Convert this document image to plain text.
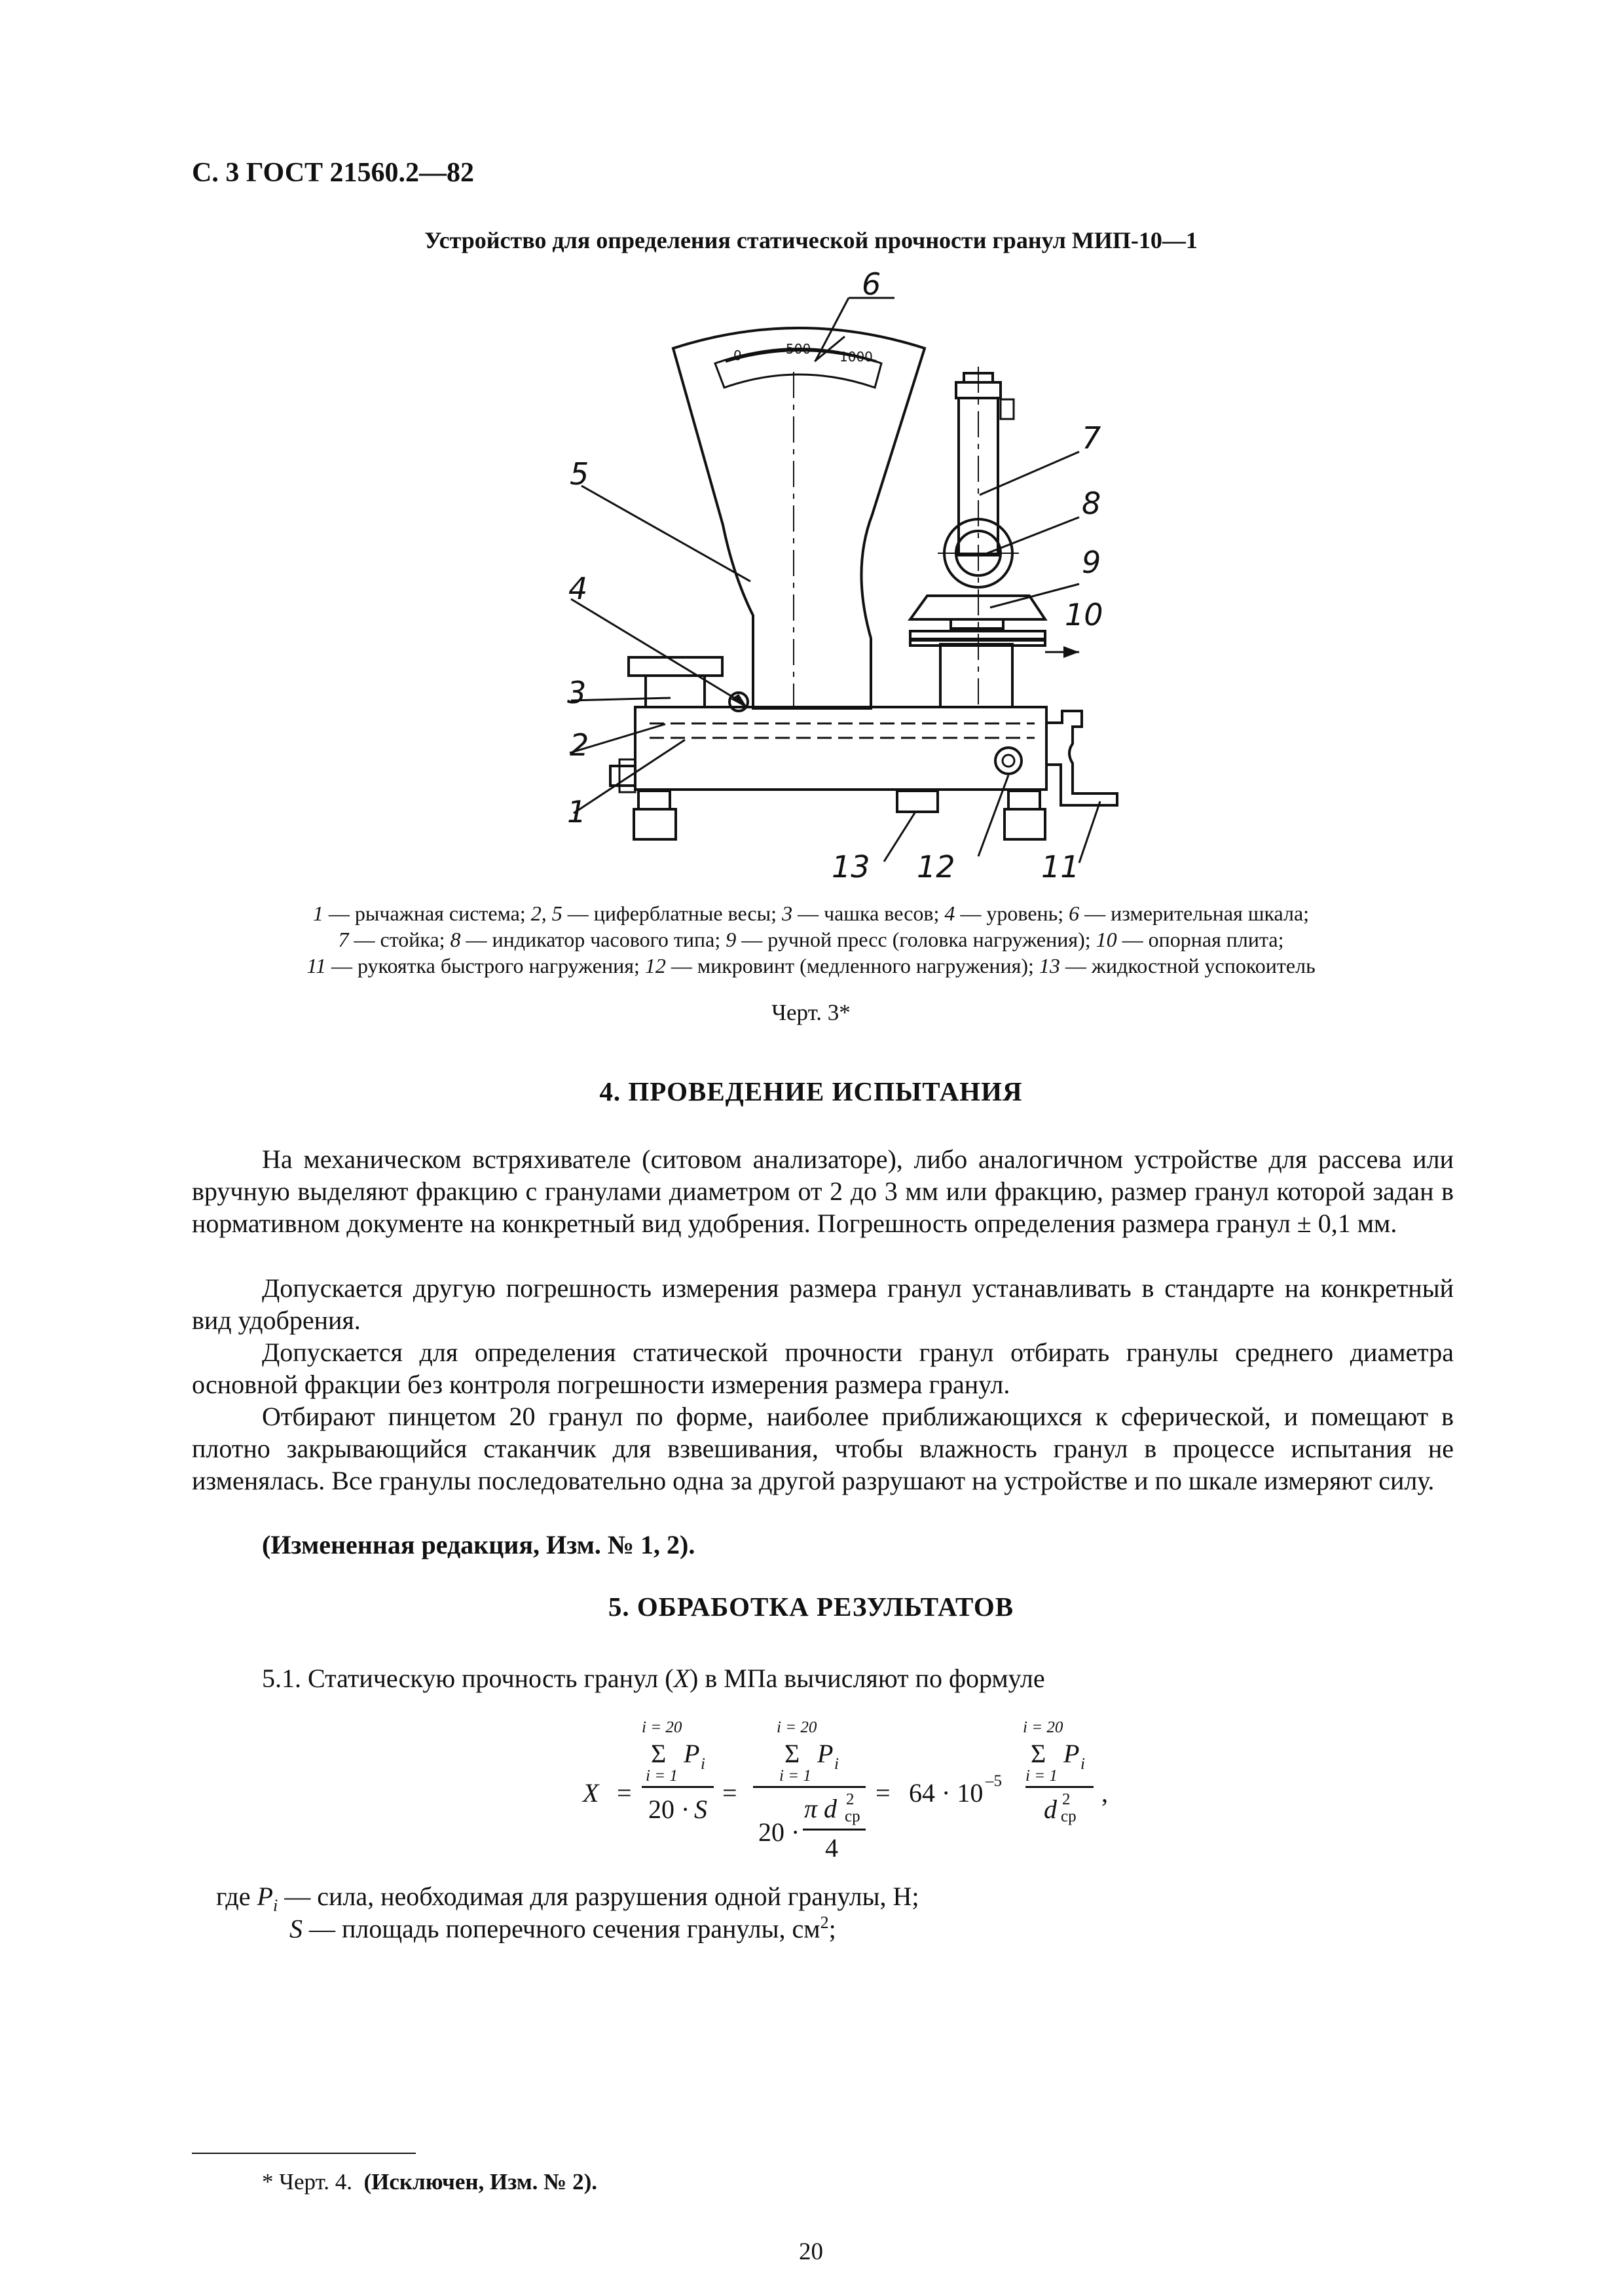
С. 3 ГОСТ 21560.2—82
Устройство для определения статической прочности гранул МИП-10—1
0	500 1000
1
2
3
4
5
6
7
8
9
10
11
12
13
1 — рычажная система; 2, 5 — циферблатные весы; 3 — чашка весов; 4 — уровень; 6 — измерительная шкала;
7 — стойка; 8 — индикатор часового типа; 9 — ручной пресс (головка нагружения); 10 — опорная плита;
11 — рукоятка быстрого нагружения; 12 — микровинт (медленного нагружения); 13 — жидкостной успокоитель
Черт. 3*
4. ПРОВЕДЕНИЕ ИСПЫТАНИЯ
На механическом встряхивателе (ситовом анализаторе), либо аналогичном устройстве для рассева или вручную выделяют фракцию с гранулами диаметром от 2 до 3 мм или фракцию, размер гранул которой задан в нормативном документе на конкретный вид удобрения. Погрешность определения размера гранул ± 0,1 мм.
Допускается другую погрешность измерения размера гранул устанавливать в стандарте на конкретный вид удобрения.
Допускается для определения статической прочности гранул отбирать гранулы среднего диаметра основной фракции без контроля погрешности измерения размера гранул.
Отбирают пинцетом 20 гранул по форме, наиболее приближающихся к сферической, и помещают в плотно закрывающийся стаканчик для взвешивания, чтобы влажность гранул в процессе испытания не изменялась. Все гранулы последовательно одна за другой разрушают на устройстве и по шкале измеряют силу.
(Измененная редакция, Изм. № 1, 2).
5. ОБРАБОТКА РЕЗУЛЬТАТОВ
5.1. Статическую прочность гранул (X) в МПа вычисляют по формуле
X =
i = 20
Σ P i
i = 1
20 · S
=
i = 20
Σ P i
i = 1
20 ·
π d 2
ср
4
= 64 · 10 –5
i = 20
Σ P i
i = 1
d 2
ср
,
где $P_i$ — сила, необходимая для разрушения одной гранулы, Н;
S — площадь поперечного сечения гранулы, $см^2$;
* Черт. 4. (Исключен, Изм. № 2).
20
